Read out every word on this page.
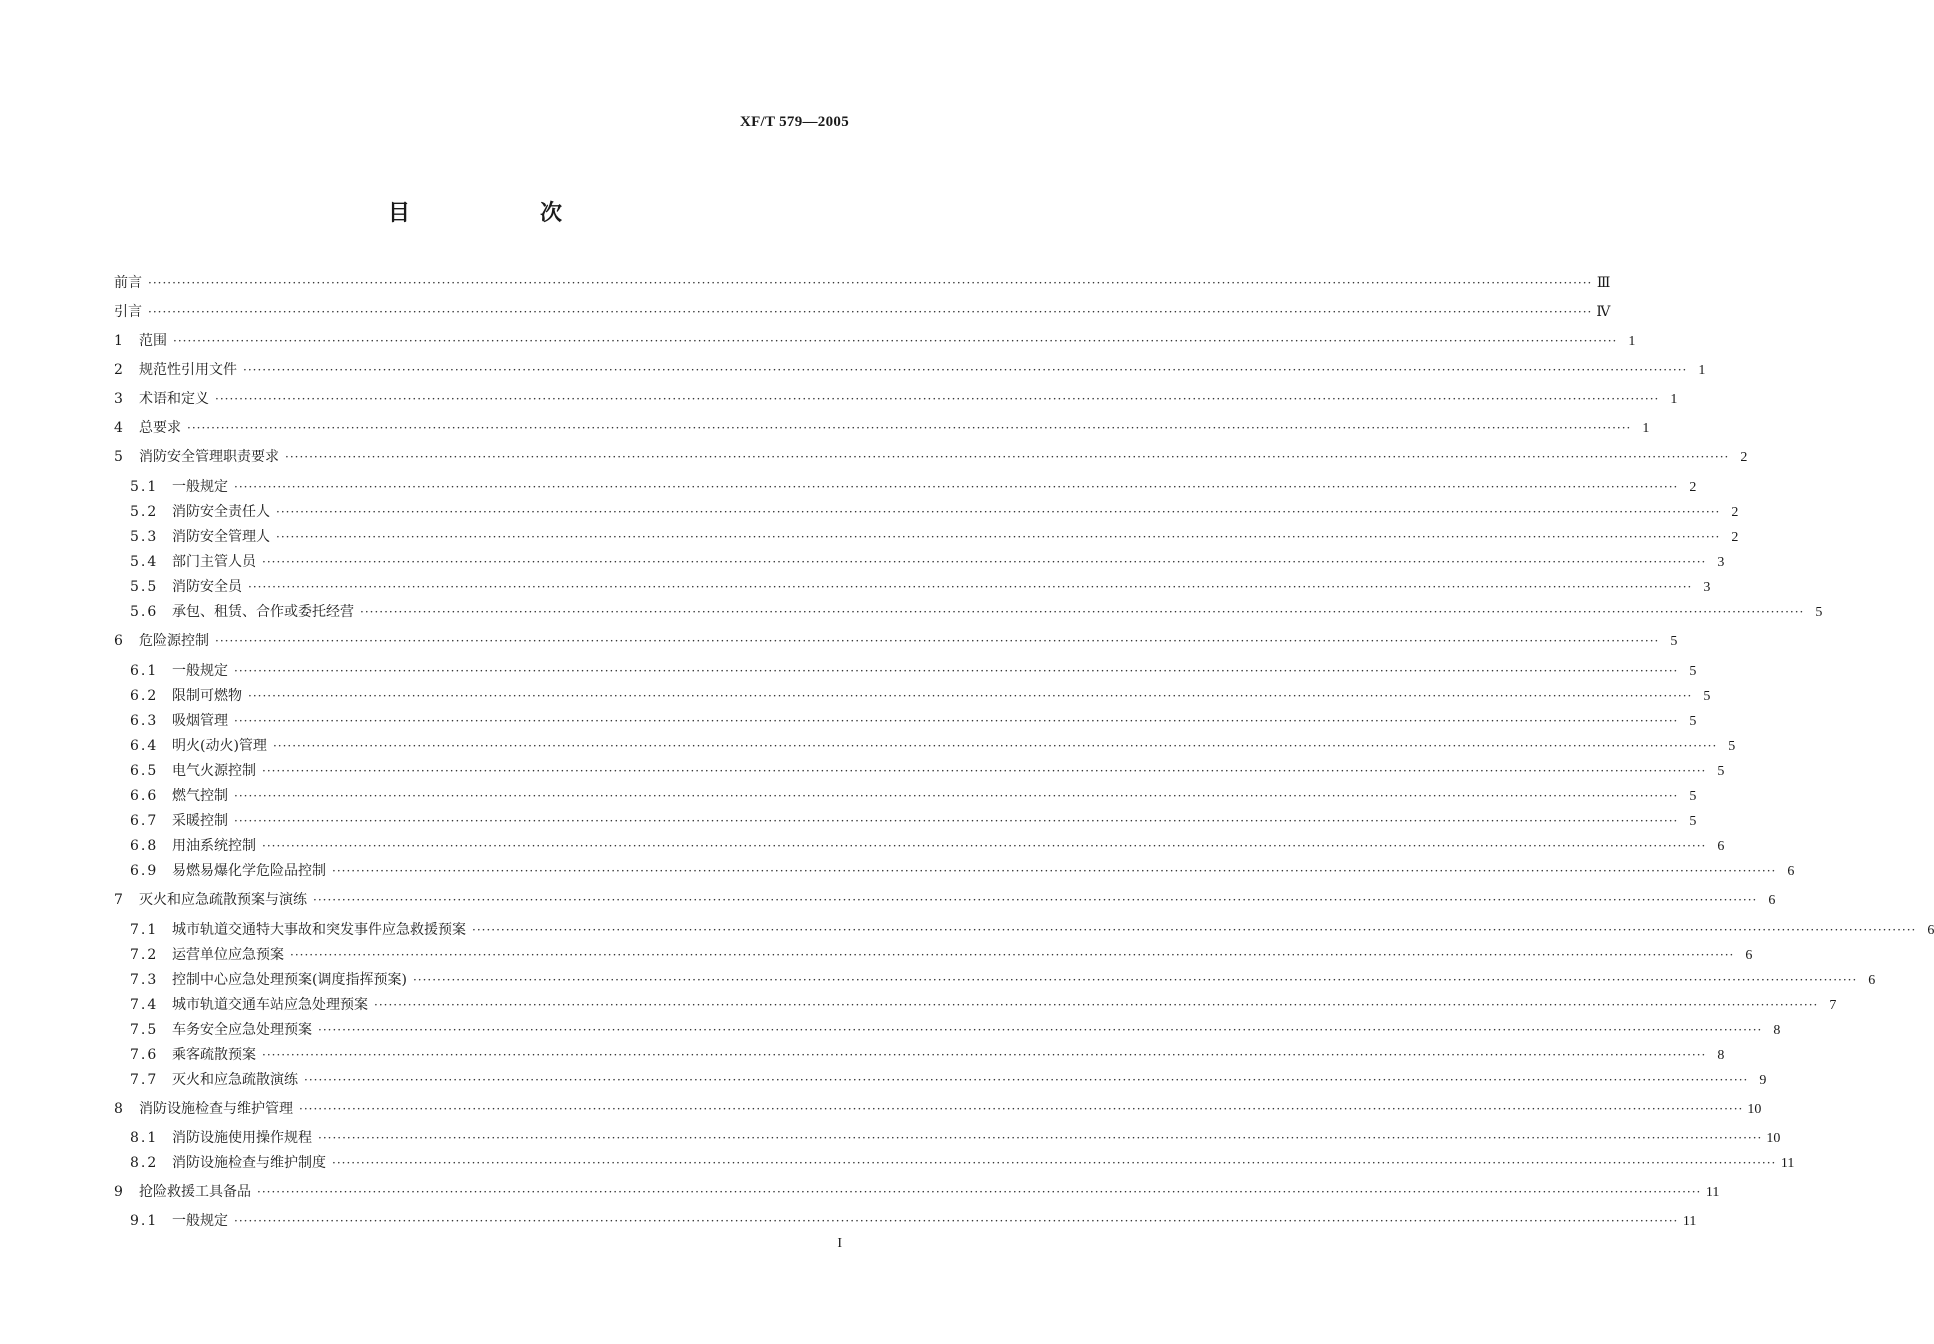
XF/T 579—2005
目　次
前言 ············································································································································································································································································································ Ⅲ
引言 ············································································································································································································································································································ Ⅳ
1 范围 ············································································································································································································································································································ 1
2 规范性引用文件 ············································································································································································································································································································ 1
3 术语和定义 ············································································································································································································································································································ 1
4 总要求 ············································································································································································································································································································ 1
5 消防安全管理职责要求 ············································································································································································································································································································ 2
5.1 一般规定 ············································································································································································································································································································ 2
5.2 消防安全责任人 ············································································································································································································································································································ 2
5.3 消防安全管理人 ············································································································································································································································································································ 2
5.4 部门主管人员 ············································································································································································································································································································ 3
5.5 消防安全员 ············································································································································································································································································································ 3
5.6 承包、租赁、合作或委托经营 ············································································································································································································································································································ 5
6 危险源控制 ············································································································································································································································································································ 5
6.1 一般规定 ············································································································································································································································································································ 5
6.2 限制可燃物 ············································································································································································································································································································ 5
6.3 吸烟管理 ············································································································································································································································································································ 5
6.4 明火(动火)管理 ············································································································································································································································································································ 5
6.5 电气火源控制 ············································································································································································································································································································ 5
6.6 燃气控制 ············································································································································································································································································································ 5
6.7 采暖控制 ············································································································································································································································································································ 5
6.8 用油系统控制 ············································································································································································································································································································ 6
6.9 易燃易爆化学危险品控制 ············································································································································································································································································································ 6
7 灭火和应急疏散预案与演练 ············································································································································································································································································································ 6
7.1 城市轨道交通特大事故和突发事件应急救援预案 ············································································································································································································································································································ 6
7.2 运营单位应急预案 ············································································································································································································································································································ 6
7.3 控制中心应急处理预案(调度指挥预案) ············································································································································································································································································································ 6
7.4 城市轨道交通车站应急处理预案 ············································································································································································································································································································ 7
7.5 车务安全应急处理预案 ············································································································································································································································································································ 8
7.6 乘客疏散预案 ············································································································································································································································································································ 8
7.7 灭火和应急疏散演练 ············································································································································································································································································································ 9
8 消防设施检查与维护管理 ············································································································································································································································································································ 10
8.1 消防设施使用操作规程 ············································································································································································································································································································ 10
8.2 消防设施检查与维护制度 ············································································································································································································································································································ 11
9 抢险救援工具备品 ············································································································································································································································································································ 11
9.1 一般规定 ············································································································································································································································································································ 11
I
